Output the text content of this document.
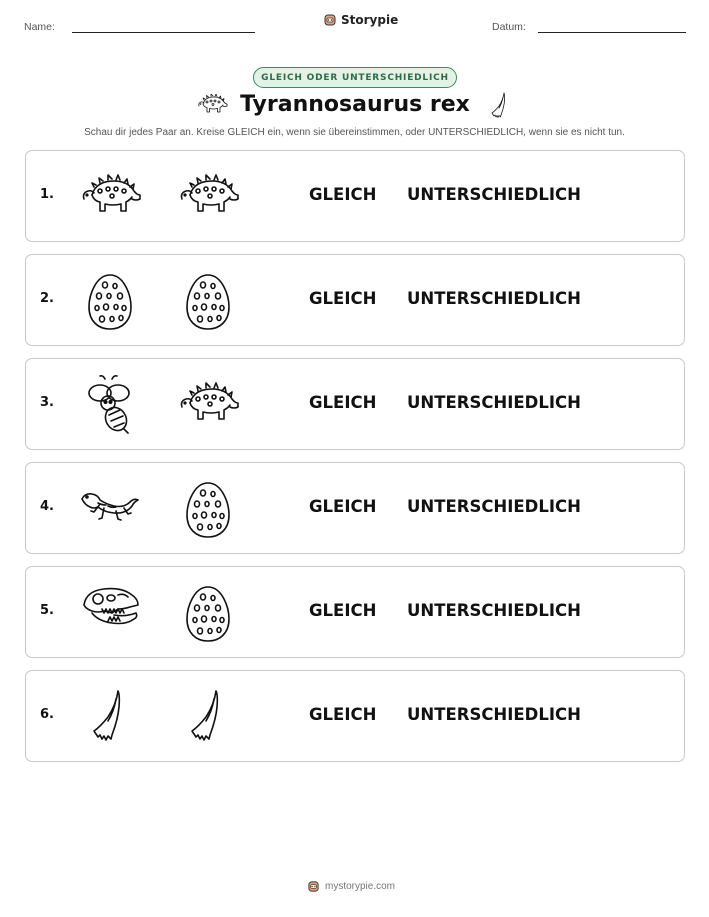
Name:	Storypie	Datum:
GLEICH ODER UNTERSCHIEDLICH
Tyrannosaurus rex
Schau dir jedes Paar an. Kreise GLEICH ein, wenn sie übereinstimmen, oder UNTERSCHIEDLICH, wenn sie es nicht tun.
1.	GLEICH UNTERSCHIEDLICH
2.	GLEICH UNTERSCHIEDLICH
3.	GLEICH UNTERSCHIEDLICH
4.	GLEICH UNTERSCHIEDLICH
5.	GLEICH UNTERSCHIEDLICH
6.	GLEICH UNTERSCHIEDLICH
mystorypie.com
